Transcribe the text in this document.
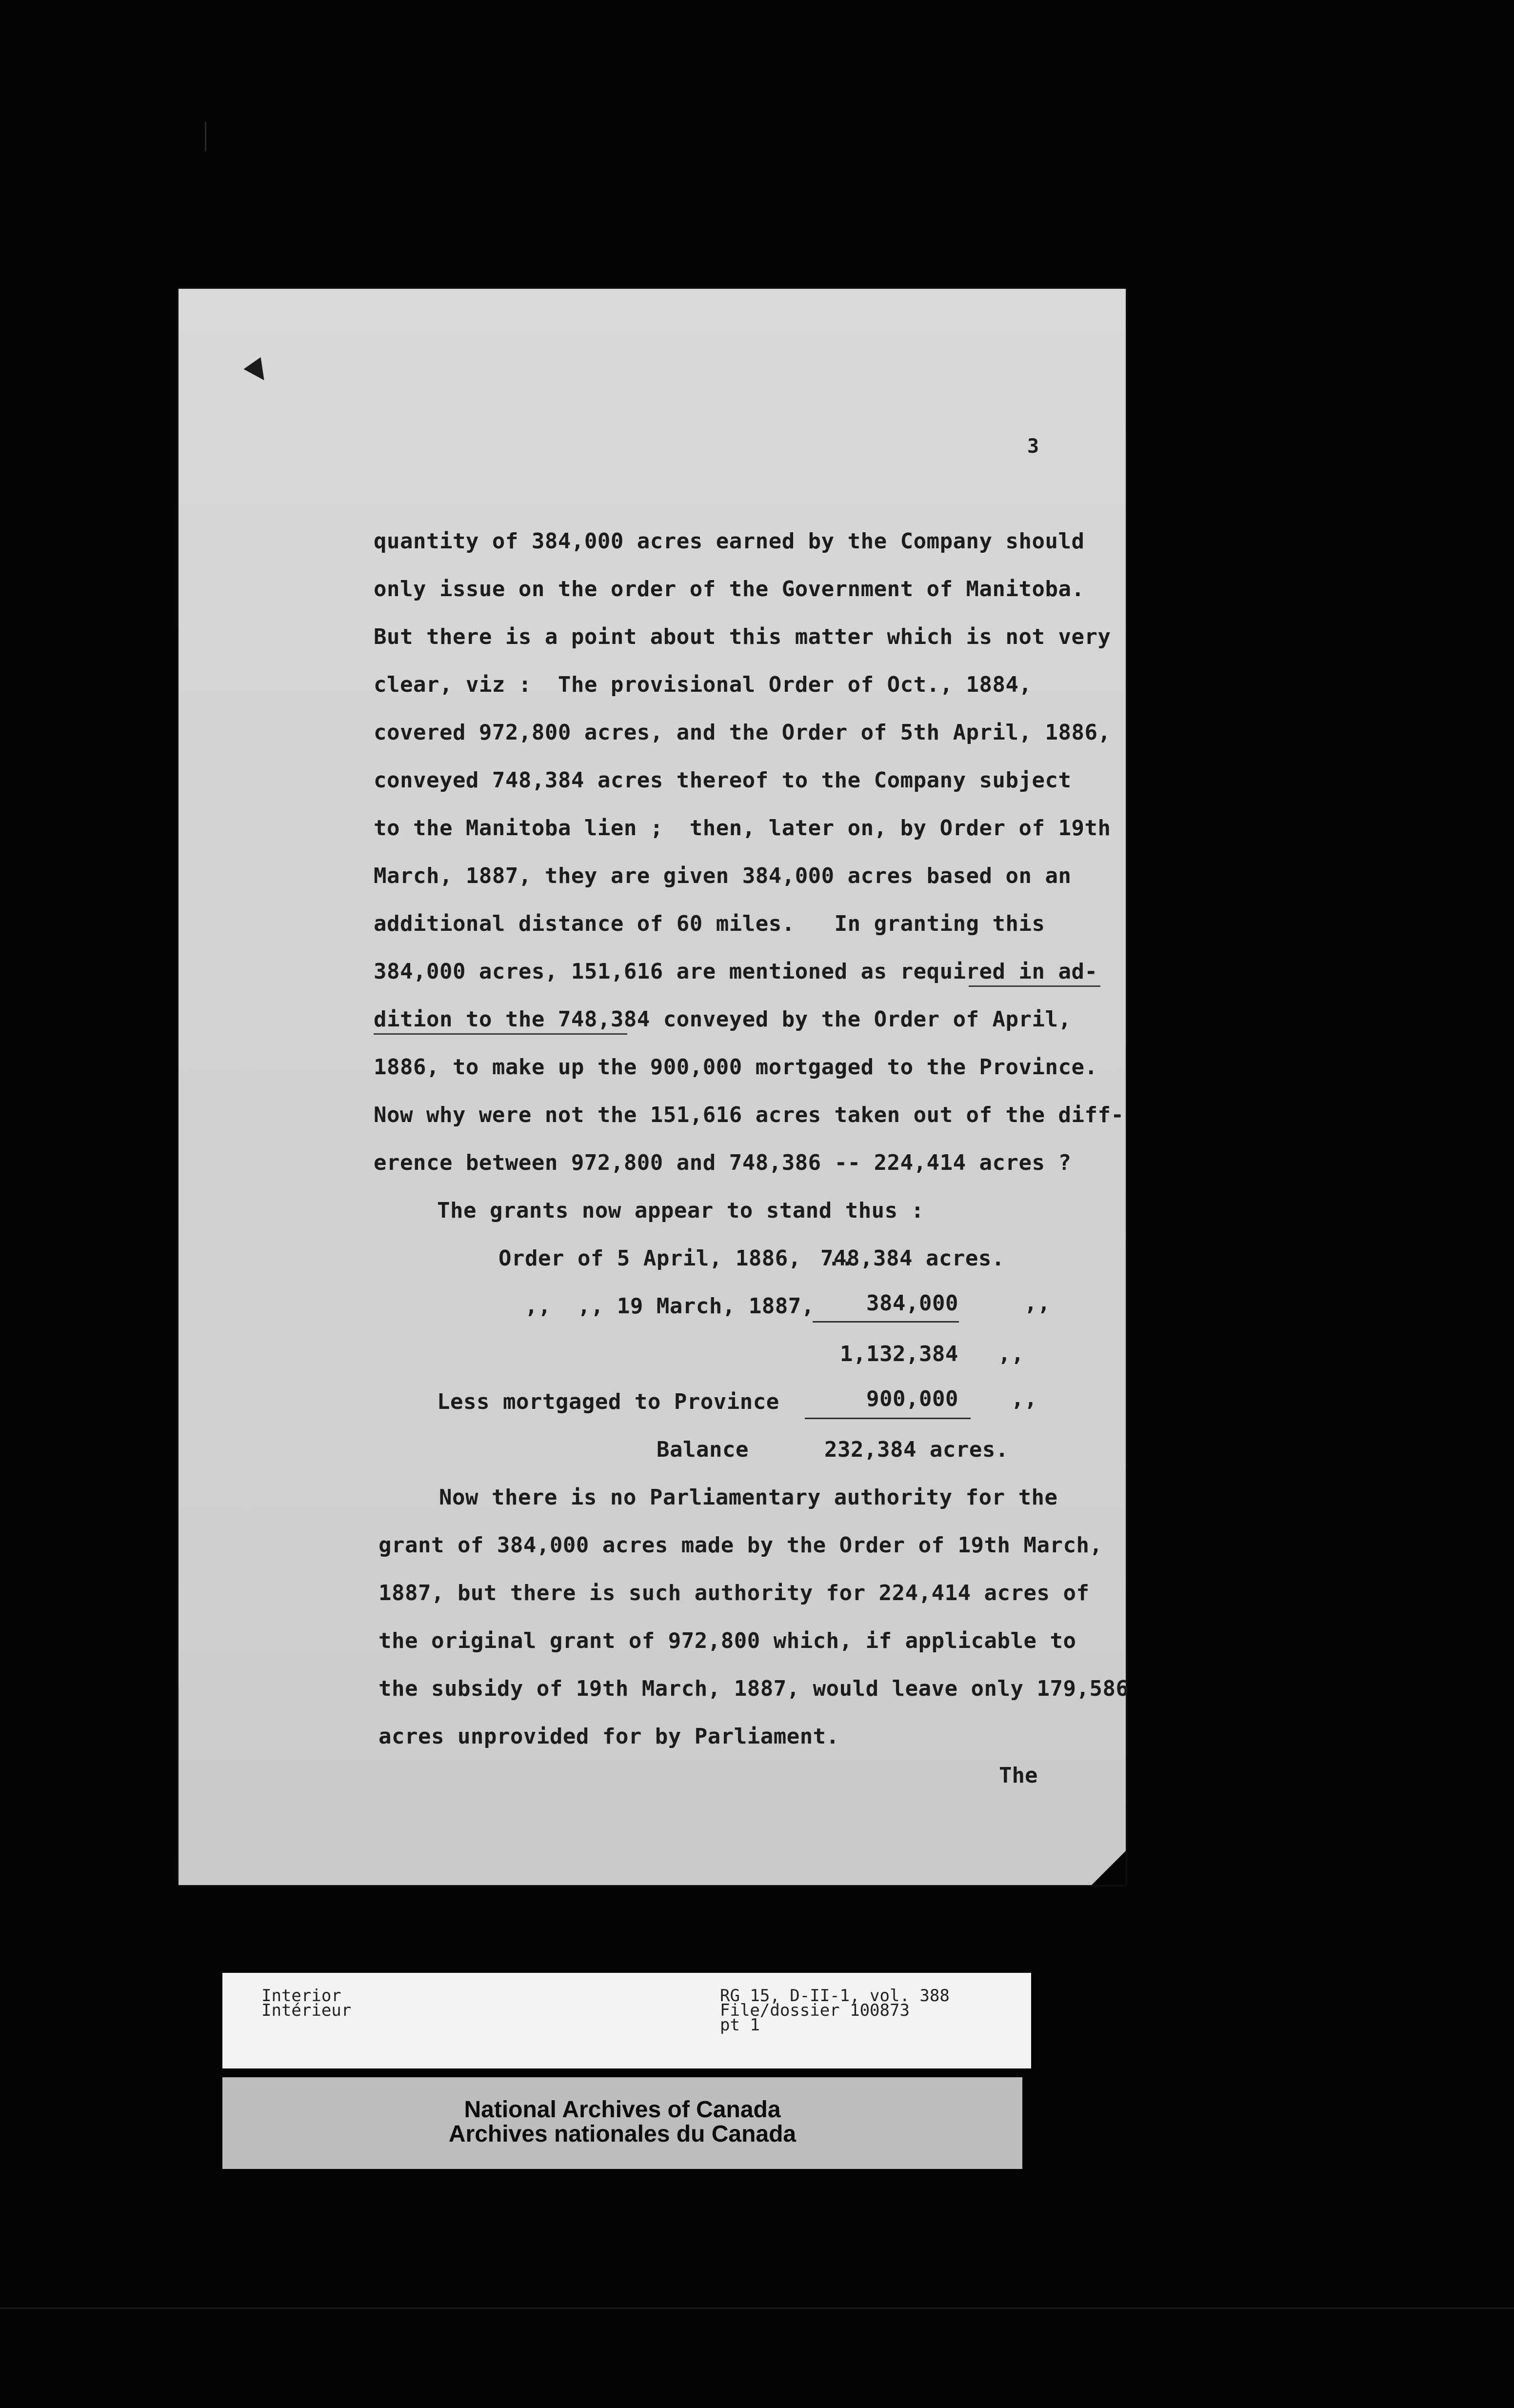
▼
3
quantity of 384,000 acres earned by the Company should
only issue on the order of the Government of Manitoba.
But there is a point about this matter which is not very
clear, viz :  The provisional Order of Oct., 1884,
covered 972,800 acres, and the Order of 5th April, 1886,
conveyed 748,384 acres thereof to the Company subject
to the Manitoba lien ;  then, later on, by Order of 19th
March, 1887, they are given 384,000 acres based on an
additional distance of 60 miles.   In granting this
384,000 acres, 151,616 are mentioned as required in ad-
dition to the 748,384 conveyed by the Order of April,
1886, to make up the 900,000 mortgaged to the Province.
Now why were not the 151,616 acres taken out of the diff-
erence between 972,800 and 748,386 -- 224,414 acres ?
The grants now appear to stand thus :
Order of 5 April, 1886,  ..
748,384 acres.
,,  ,, 19 March, 1887, 384,000     ,,
1,132,384   ,,
Less mortgaged to Province	900,000    ,,
Balance	232,384 acres.
Now there is no Parliamentary authority for the
grant of 384,000 acres made by the Order of 19th March,
1887, but there is such authority for 224,414 acres of
the original grant of 972,800 which, if applicable to
the subsidy of 19th March, 1887, would leave only 179,586
acres unprovided for by Parliament.
The
Interior
Intérieur
RG 15, D-II-1, vol. 388
File/dossier 100873
pt 1
National Archives of Canada
Archives nationales du Canada
